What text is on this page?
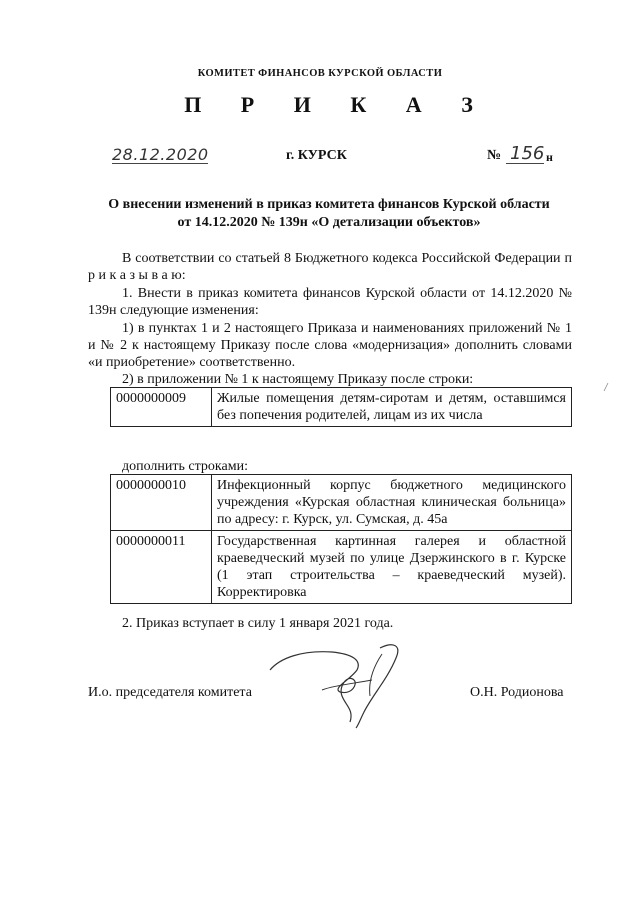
КОМИТЕТ ФИНАНСОВ КУРСКОЙ ОБЛАСТИ
П Р И К А З
28.12.2020	г. КУРСК	№ 156 н
О внесении изменений в приказ комитета финансов Курской области
от 14.12.2020 № 139н «О детализации объектов»
В соответствии со статьей 8 Бюджетного кодекса Российской Федерации п р и к а з ы в а ю:
1. Внести в приказ комитета финансов Курской области от 14.12.2020 № 139н следующие изменения:
1) в пунктах 1 и 2 настоящего Приказа и наименованиях приложений № 1 и № 2 к настоящему Приказу после слова «модернизация» дополнить словами «и приобретение» соответственно.
2) в приложении № 1 к настоящему Приказу после строки:
0000000009	Жилые помещения детям-сиротам и детям, оставшимся без попечения родителей, лицам из их числа
дополнить строками:
0000000010	Инфекционный корпус бюджетного медицинского учреждения «Курская областная клиническая больница» по адресу: г. Курск, ул. Сумская, д. 45а
0000000011	Государственная картинная галерея и областной краеведческий музей по улице Дзержинского в г. Курске (1 этап строительства – краеведческий музей). Корректировка
2. Приказ вступает в силу 1 января 2021 года.
И.о. председателя комитета	О.Н. Родионова
